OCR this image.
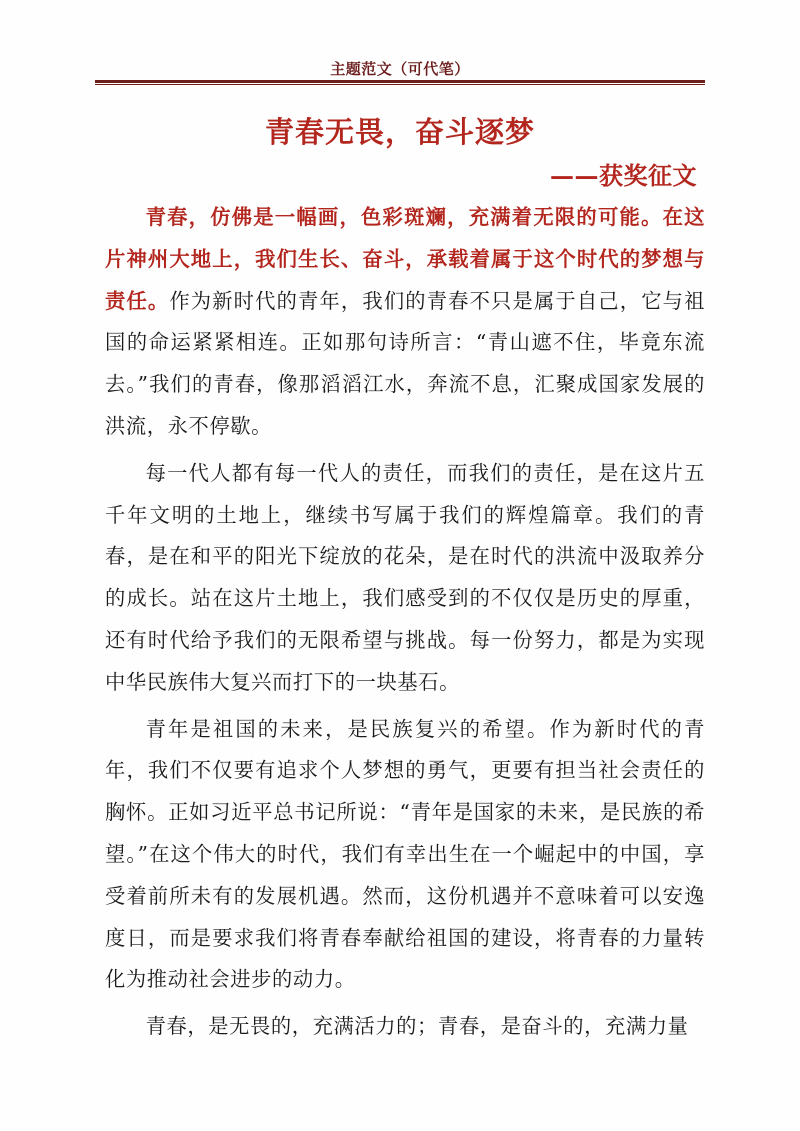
主题范文（可代笔）
青春无畏，奋斗逐梦
——获奖征文

青春，仿佛是一幅画，色彩斑斓，充满着无限的可能。在这片神州大地上，我们生长、奋斗，承载着属于这个时代的梦想与责任。作为新时代的青年，我们的青春不只是属于自己，它与祖国的命运紧紧相连。正如那句诗所言：“青山遮不住，毕竟东流去。”我们的青春，像那滔滔江水，奔流不息，汇聚成国家发展的洪流，永不停歇。

每一代人都有每一代人的责任，而我们的责任，是在这片五千年文明的土地上，继续书写属于我们的辉煌篇章。我们的青春，是在和平的阳光下绽放的花朵，是在时代的洪流中汲取养分的成长。站在这片土地上，我们感受到的不仅仅是历史的厚重，还有时代给予我们的无限希望与挑战。每一份努力，都是为实现中华民族伟大复兴而打下的一块基石。

青年是祖国的未来，是民族复兴的希望。作为新时代的青年，我们不仅要有追求个人梦想的勇气，更要有担当社会责任的胸怀。正如习近平总书记所说：“青年是国家的未来，是民族的希望。”在这个伟大的时代，我们有幸出生在一个崛起中的中国，享受着前所未有的发展机遇。然而，这份机遇并不意味着可以安逸度日，而是要求我们将青春奉献给祖国的建设，将青春的力量转化为推动社会进步的动力。

青春，是无畏的，充满活力的；青春，是奋斗的，充满力量
